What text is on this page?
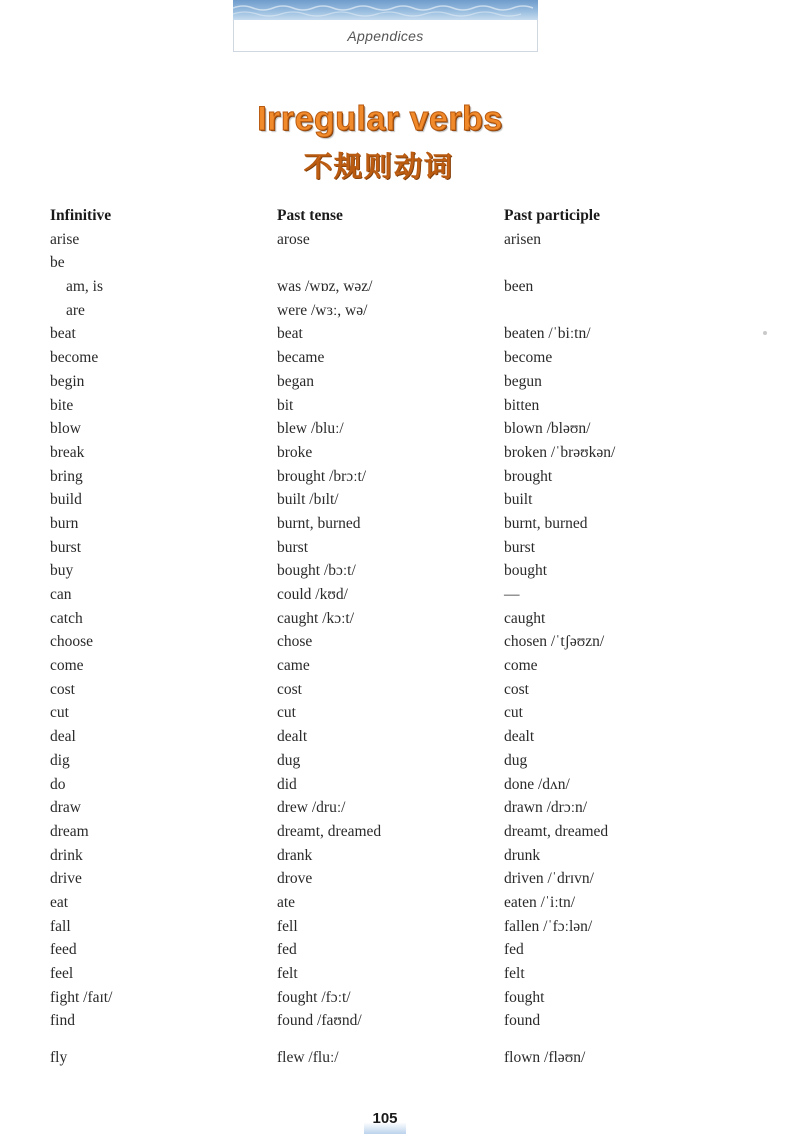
Appendices
Irregular verbs
不规则动词
Infinitive	Past tense	Past participle
arise	arose	arisen
be
am, is	was /wɒz, wəz/	been
are	were /wɜː, wə/
beat	beat	beaten /ˈbiːtn/
become	became	become
begin	began	begun
bite	bit	bitten
blow	blew /bluː/	blown /bləʊn/
break	broke	broken /ˈbrəʊkən/
bring	brought /brɔːt/	brought
build	built /bɪlt/	built
burn	burnt, burned	burnt, burned
burst	burst	burst
buy	bought /bɔːt/	bought
can	could /kʊd/	—
catch	caught /kɔːt/	caught
choose	chose	chosen /ˈtʃəʊzn/
come	came	come
cost	cost	cost
cut	cut	cut
deal	dealt	dealt
dig	dug	dug
do	did	done /dʌn/
draw	drew /druː/	drawn /drɔːn/
dream	dreamt, dreamed	dreamt, dreamed
drink	drank	drunk
drive	drove	driven /ˈdrɪvn/
eat	ate	eaten /ˈiːtn/
fall	fell	fallen /ˈfɔːlən/
feed	fed	fed
feel	felt	felt
fight /faɪt/	fought /fɔːt/	fought
find	found /faʊnd/	found
fly	flew /fluː/	flown /fləʊn/
105
